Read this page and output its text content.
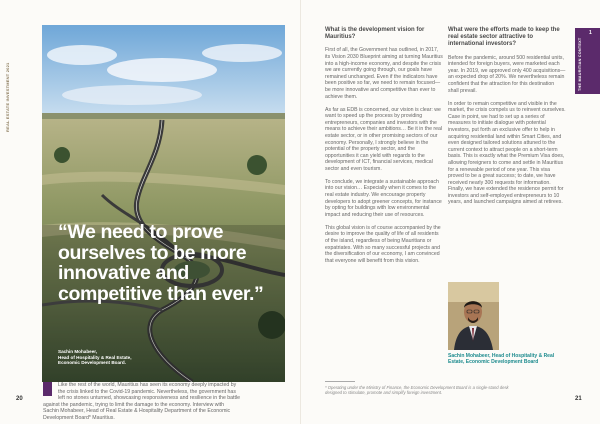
REAL ESTATE INVESTMENT 2021
“We need to prove ourselves to be more innovative and competitive than ever.”
Sachin Mohabeer,
Head of Hospitality & Real Estate,
Economic Development Board.
Like the rest of the world, Mauritius has seen its economy deeply impacted by
the crisis linked to the Covid-19 pandemic. Nevertheless, the government has
left no stones unturned, showcasing responsiveness and resilience in the battle
against the pandemic, trying to limit the damage to the economy. Interview with
Sachin Mohabeer, Head of Real Estate & Hospitality Department of the Economic
Development Board* Mauritius.
20
What is the development vision for Mauritius?

First of all, the Government has outlined, in 2017, its Vision 2030 Blueprint aiming at turning Mauritius into a high-income economy, and despite the crisis we are currently going through, our goals have remained unchanged. Even if the indicators have been positive so far, we need to remain focused—be more innovative and competitive than ever to achieve them.

As far as EDB is concerned, our vision is clear: we want to speed up the process by providing entrepreneurs, companies and investors with the means to achieve their ambitions… Be it in the real estate sector, or in other promising sectors of our economy. Personally, I strongly believe in the potential of the property sector, and the opportunities it can yield with regards to the development of ICT, financial services, medical sector and even tourism.

To conclude, we integrate a sustainable approach into our vision… Especially when it comes to the real estate industry. We encourage property developers to adopt greener concepts, for instance by opting for buildings with low environmental impact and reducing their use of resources.

This global vision is of course accompanied by the desire to improve the quality of life of all residents of the island, regardless of being Mauritians or expatriates. With so many successful projects and the diversification of our economy, I am convinced that everyone will benefit from this vision.

What were the efforts made to keep the real estate sector attractive to international investors?

Before the pandemic, around 500 residential units, intended for foreign buyers, were marketed each year. In 2019, we approved only 400 acquisitions—an expected drop of 20%. We nevertheless remain confident that the attraction for this destination shall prevail.

In order to remain competitive and visible in the market, the crisis compels us to reinvent ourselves. Case in point, we had to set up a series of measures to initiate dialogue with potential investors, put forth an exclusive offer to help in acquiring residential land within Smart Cities, and even designed tailored solutions attuned to the current context to attract people on a short-term basis. This is exactly what the Premium Visa does, allowing foreigners to come and settle in Mauritius for a renewable period of one year. This visa proved to be a great success; to date, we have received nearly 300 requests for information. Finally, we have extended the residence permit for investors and self-employed entrepreneurs to 10 years, and launched campaigns aimed at retirees.

Sachin Mohabeer, Head of Hospitality & Real
Estate, Economic Development Board
* Operating under the Ministry of Finance, the Economic Development Board is a single-stand desk
designed to stimulate, promote and simplify foreign investment.
21
THE MAURITIAN CONTEXT
1
